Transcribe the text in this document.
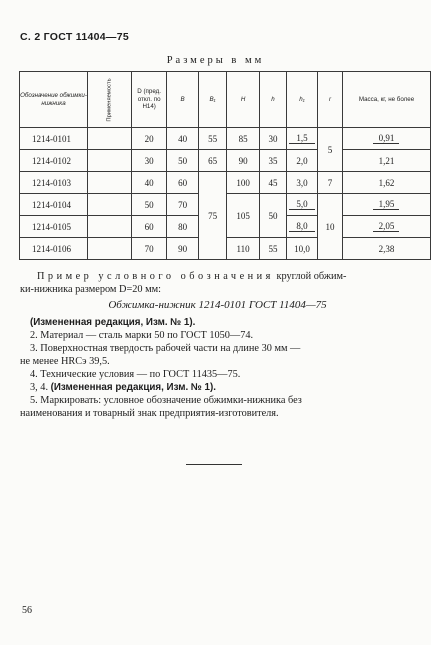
С. 2 ГОСТ 11404—75
Размеры в мм
Обозначение обжимки-нижника	Применяемость	D (пред. откл. по H14)	B	B₁	H	h	h₁	r	Масса, кг, не более
1214-0101		20	40	55	85	30	1,5	5	0,91
1214-0102		30	50	65	90	35	2,0		1,21
1214-0103		40	60	75	100	45	3,0	7	1,62
1214-0104		50	70		105	50	5,0	10	1,95
1214-0105		60	80				8,0		2,05
1214-0106		70	90		110	55	10,0		2,38
Пример условного обозначения круглой обжим-

ки-нижника размером D=20 мм:
Обжимка-нижник 1214-0101 ГОСТ 11404—75
(Измененная редакция, Изм. № 1).
2. Материал — сталь марки 50 по ГОСТ 1050—74.
3. Поверхностная твердость рабочей части на длине 30 мм —
не менее HRCэ 39,5.
4. Технические условия — по ГОСТ 11435—75.
3, 4. (Измененная редакция, Изм. № 1).
5. Маркировать: условное обозначение обжимки-нижника без
наименования и товарный знак предприятия-изготовителя.
56
